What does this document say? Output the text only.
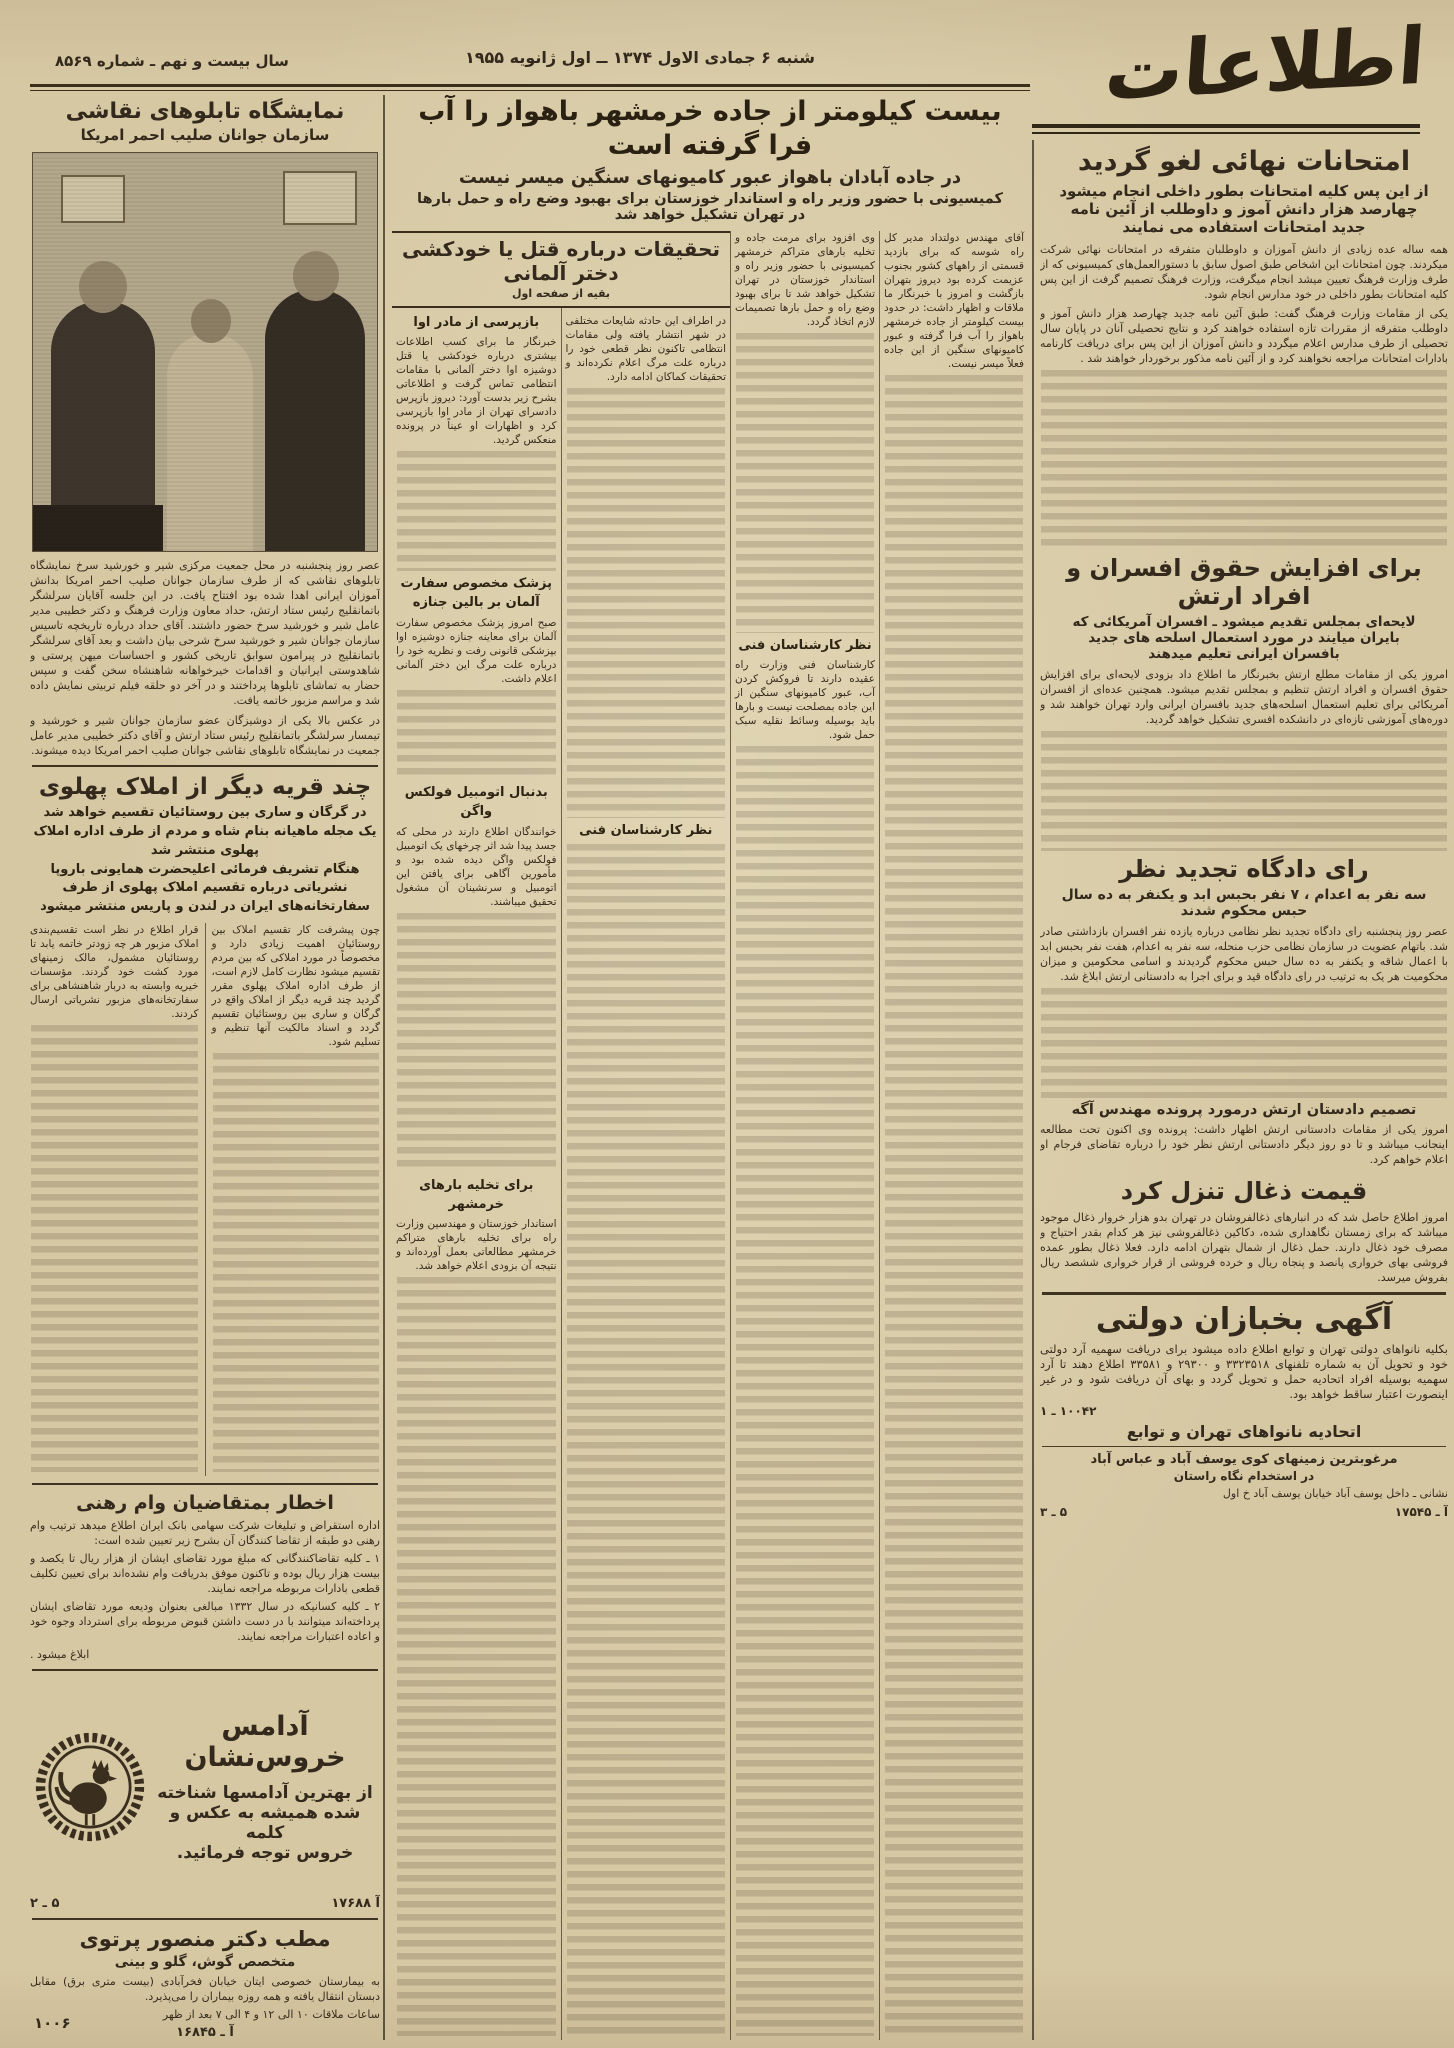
سال بیست و نهم ـ شماره ۸۵۶۹	شنبه ۶ جمادی الاول ۱۳۷۴ ــ اول ژانویه ۱۹۵۵	اطلاعات
نمایشگاه تابلوهای نقاشی
سازمان جوانان صلیب احمر امریکا
عصر روز پنجشنبه در محل جمعیت مرکزی شیر و خورشید سرخ نمایشگاه تابلوهای نقاشی که از طرف سازمان جوانان صلیب احمر امریکا بدانش آموزان ایرانی اهدا شده بود افتتاح یافت. در این جلسه آقایان سرلشگر باتمانقلیج رئیس ستاد ارتش، حداد معاون وزارت فرهنگ و دکتر خطیبی مدیر عامل شیر و خورشید سرخ حضور داشتند. آقای حداد درباره تاریخچه تاسیس سازمان جوانان شیر و خورشید سرخ شرحی بیان داشت و بعد آقای سرلشگر باتمانقلیج در پیرامون سوابق تاریخی کشور و احساسات میهن پرستی و شاهدوستی ایرانیان و اقدامات خیرخواهانه شاهنشاه سخن گفت و سپس حضار به تماشای تابلوها پرداختند و در آخر دو حلقه فیلم تربیتی نمایش داده شد و مراسم مزبور خاتمه یافت.
در عکس بالا یکی از دوشیزگان عضو سازمان جوانان شیر و خورشید و تیمسار سرلشگر باتمانقلیج رئیس ستاد ارتش و آقای دکتر خطیبی مدیر عامل جمعیت در نمایشگاه تابلوهای نقاشی جوانان صلیب احمر امریکا دیده میشوند.
چند قریه دیگر از املاک پهلوی
در گرگان و ساری بین روستائیان تقسیم خواهد شد
یک مجله ماهیانه بنام شاه و مردم از طرف اداره املاک پهلوی منتشر شد
هنگام تشریف فرمائی اعلیحضرت همایونی باروپا نشریاتی درباره تقسیم املاک پهلوی از طرف سفارتخانه‌های ایران در لندن و پاریس منتشر میشود
چون پیشرفت کار تقسیم املاک بین روستائیان اهمیت زیادی دارد و مخصوصاً در مورد املاکی که بین مردم تقسیم میشود نظارت کامل لازم است، از طرف اداره املاک پهلوی مقرر گردید چند قریه دیگر از املاک واقع در گرگان و ساری بین روستائیان تقسیم گردد و اسناد مالکیت آنها تنظیم و تسلیم شود.
قرار اطلاع در نظر است تقسیم‌بندی املاک مزبور هر چه زودتر خاتمه یابد تا روستائیان مشمول، مالک زمینهای مورد کشت خود گردند. مؤسسات خیریه وابسته به دربار شاهنشاهی برای سفارتخانه‌های مزبور نشریاتی ارسال کردند.
اخطار بمتقاضیان وام رهنی
اداره استقراض و تبلیغات شرکت سهامی بانک ایران اطلاع میدهد ترتیب وام رهنی دو طبقه از تقاضا کنندگان آن بشرح زیر تعیین شده است:
۱ ـ کلیه تقاضاکنندگانی که مبلغ مورد تقاضای ایشان از هزار ریال تا یکصد و بیست هزار ریال بوده و تاکنون موفق بدریافت وام نشده‌اند برای تعیین تکلیف قطعی بادارات مربوطه مراجعه نمایند.
۲ ـ کلیه کسانیکه در سال ۱۳۳۲ مبالغی بعنوان ودیعه مورد تقاضای ایشان پرداخته‌اند میتوانند با در دست داشتن قبوض مربوطه برای استرداد وجوه خود و اعاده اعتبارات مراجعه نمایند.
ابلاغ میشود .
آدامس خروس‌نشان
از بهترین آدامسها شناخته
شده همیشه به عکس و کلمه
خروس توجه فرمائید.
آ ۱۷۶۸۸
۵ ـ ۲
مطب دکتر منصور پرتوی
متخصص گوش، گلو و بینی
به بیمارستان خصوصی ایتان خیابان فخرآبادی (بیست متری برق) مقابل دبستان انتقال یافته و همه روزه بیماران را می‌پذیرد.
ساعات ملاقات ۱۰ الی ۱۲ و ۴ الی ۷ بعد از ظهر
آ ـ ۱۶۸۴۵
۱۰۰۶
بیست کیلومتر از جاده خرمشهر باهواز را آب فرا گرفته است
در جاده آبادان باهواز عبور کامیونهای سنگین میسر نیست
کمیسیونی با حضور وزیر راه و استاندار خوزستان برای بهبود وضع راه و حمل بارها
در تهران تشکیل خواهد شد
آقای مهندس دولتداد مدیر کل راه شوسه که برای بازدید قسمتی از راههای کشور بجنوب عزیمت کرده بود دیروز بتهران بازگشت و امروز با خبرنگار ما ملاقات و اظهار داشت: در حدود بیست کیلومتر از جاده خرمشهر باهواز را آب فرا گرفته و عبور کامیونهای سنگین از این جاده فعلاً میسر نیست.
وی افزود برای مرمت جاده و تخلیه بارهای متراکم خرمشهر کمیسیونی با حضور وزیر راه و استاندار خوزستان در تهران تشکیل خواهد شد تا برای بهبود وضع راه و حمل بارها تصمیمات لازم اتخاذ گردد.
نظر کارشناسان فنی
کارشناسان فنی وزارت راه عقیده دارند تا فروکش کردن آب، عبور کامیونهای سنگین از این جاده بمصلحت نیست و بارها باید بوسیله وسائط نقلیه سبک حمل شود.
تحقیقات درباره قتل یا خودکشی دختر آلمانی
بقیه از صفحه اول
در اطراف این حادثه شایعات مختلفی در شهر انتشار یافته ولی مقامات انتظامی تاکنون نظر قطعی خود را درباره علت مرگ اعلام نکرده‌اند و تحقیقات کماکان ادامه دارد.
نظر کارشناسان فنی
بازپرسی از مادر اوا
خبرنگار ما برای کسب اطلاعات بیشتری درباره خودکشی یا قتل دوشیزه اوا دختر آلمانی با مقامات انتظامی تماس گرفت و اطلاعاتی بشرح زیر بدست آورد: دیروز بازپرس دادسرای تهران از مادر اوا بازپرسی کرد و اظهارات او عیناً در پرونده منعکس گردید.
پزشک مخصوص سفارت آلمان بر بالین جنازه
صبح امروز پزشک مخصوص سفارت آلمان برای معاینه جنازه دوشیزه اوا بپزشکی قانونی رفت و نظریه خود را درباره علت مرگ این دختر آلمانی اعلام داشت.
بدنبال اتومبیل فولکس واگن
خوانندگان اطلاع دارند در محلی که جسد پیدا شد اثر چرخهای یک اتومبیل فولکس واگن دیده شده بود و مأمورین آگاهی برای یافتن این اتومبیل و سرنشینان آن مشغول تحقیق میباشند.
برای تخلیه بارهای خرمشهر
استاندار خوزستان و مهندسین وزارت راه برای تخلیه بارهای متراکم خرمشهر مطالعاتی بعمل آورده‌اند و نتیجه آن بزودی اعلام خواهد شد.
امتحانات نهائی لغو گردید
از این پس کلیه امتحانات بطور داخلی انجام میشود
چهارصد هزار دانش آموز و داوطلب از آئین نامه
جدید امتحانات استفاده می نمایند
همه ساله عده زیادی از دانش آموزان و داوطلبان متفرقه در امتحانات نهائی شرکت میکردند. چون امتحانات این اشخاص طبق اصول سابق با دستورالعمل‌های کمیسیونی که از طرف وزارت فرهنگ تعیین میشد انجام میگرفت، وزارت فرهنگ تصمیم گرفت از این پس کلیه امتحانات بطور داخلی در خود مدارس انجام شود.
یکی از مقامات وزارت فرهنگ گفت: طبق آئین نامه جدید چهارصد هزار دانش آموز و داوطلب متفرقه از مقررات تازه استفاده خواهند کرد و نتایج تحصیلی آنان در پایان سال تحصیلی از طرف مدارس اعلام میگردد و دانش آموزان از این پس برای دریافت کارنامه بادارات امتحانات مراجعه نخواهند کرد و از آئین نامه مذکور برخوردار خواهند شد .
برای افزایش حقوق افسران و افراد ارتش
لایحه‌ای بمجلس تقدیم میشود ـ افسران آمریکائی که
بایران میایند در مورد استعمال اسلحه های جدید
بافسران ایرانی تعلیم میدهند
امروز یکی از مقامات مطلع ارتش بخبرنگار ما اطلاع داد بزودی لایحه‌ای برای افزایش حقوق افسران و افراد ارتش تنظیم و بمجلس تقدیم میشود. همچنین عده‌ای از افسران آمریکائی برای تعلیم استعمال اسلحه‌های جدید بافسران ایرانی وارد تهران خواهند شد و دوره‌های آموزشی تازه‌ای در دانشکده افسری تشکیل خواهد گردید.
رای دادگاه تجدید نظر
سه نفر به اعدام ، ۷ نفر بحبس ابد و یکنفر به ده سال
حبس محکوم شدند
عصر روز پنجشنبه رای دادگاه تجدید نظر نظامی درباره یازده نفر افسران بازداشتی صادر شد. باتهام عضویت در سازمان نظامی حزب منحله، سه نفر به اعدام، هفت نفر بحبس ابد با اعمال شاقه و یکنفر به ده سال حبس محکوم گردیدند و اسامی محکومین و میزان محکومیت هر یک به ترتیب در رای دادگاه قید و برای اجرا به دادستانی ارتش ابلاغ شد.
تصمیم دادستان ارتش درمورد پرونده مهندس آگه
امروز یکی از مقامات دادستانی ارتش اظهار داشت: پرونده وی اکنون تحت مطالعه اینجانب میباشد و تا دو روز دیگر دادستانی ارتش نظر خود را درباره تقاضای فرجام او اعلام خواهم کرد.
قیمت ذغال تنزل کرد
امروز اطلاع حاصل شد که در انبارهای ذغالفروشان در تهران بدو هزار خروار ذغال موجود میباشد که برای زمستان نگاهداری شده، دکاکین ذغالفروشی نیز هر کدام بقدر احتیاج و مصرف خود ذغال دارند. حمل ذغال از شمال بتهران ادامه دارد. فعلا ذغال بطور عمده فروشی بهای خرواری پانصد و پنجاه ریال و خرده فروشی از قرار خرواری ششصد ریال بفروش میرسد.
آگهی بخبازان دولتی
بکلیه نانواهای دولتی تهران و توابع اطلاع داده میشود برای دریافت سهمیه آرد دولتی خود و تحویل آن به شماره تلفنهای ۳۳۲۳۵۱۸ و ۲۹۳۰۰ و ۳۳۵۸۱ اطلاع دهند تا آرد سهمیه بوسیله افراد اتحادیه حمل و تحویل گردد و بهای آن دریافت شود و در غیر اینصورت اعتبار ساقط خواهد بود.
۱۰۰۴۲ ـ ۱
اتحادیه نانواهای تهران و توابع
مرغوبترین زمینهای کوی یوسف آباد و عباس آباد
در استخدام نگاه راستان
نشانی ـ داخل یوسف آباد خیابان یوسف آباد خ اول
آ ـ ۱۷۵۴۵
۵ ـ ۳
